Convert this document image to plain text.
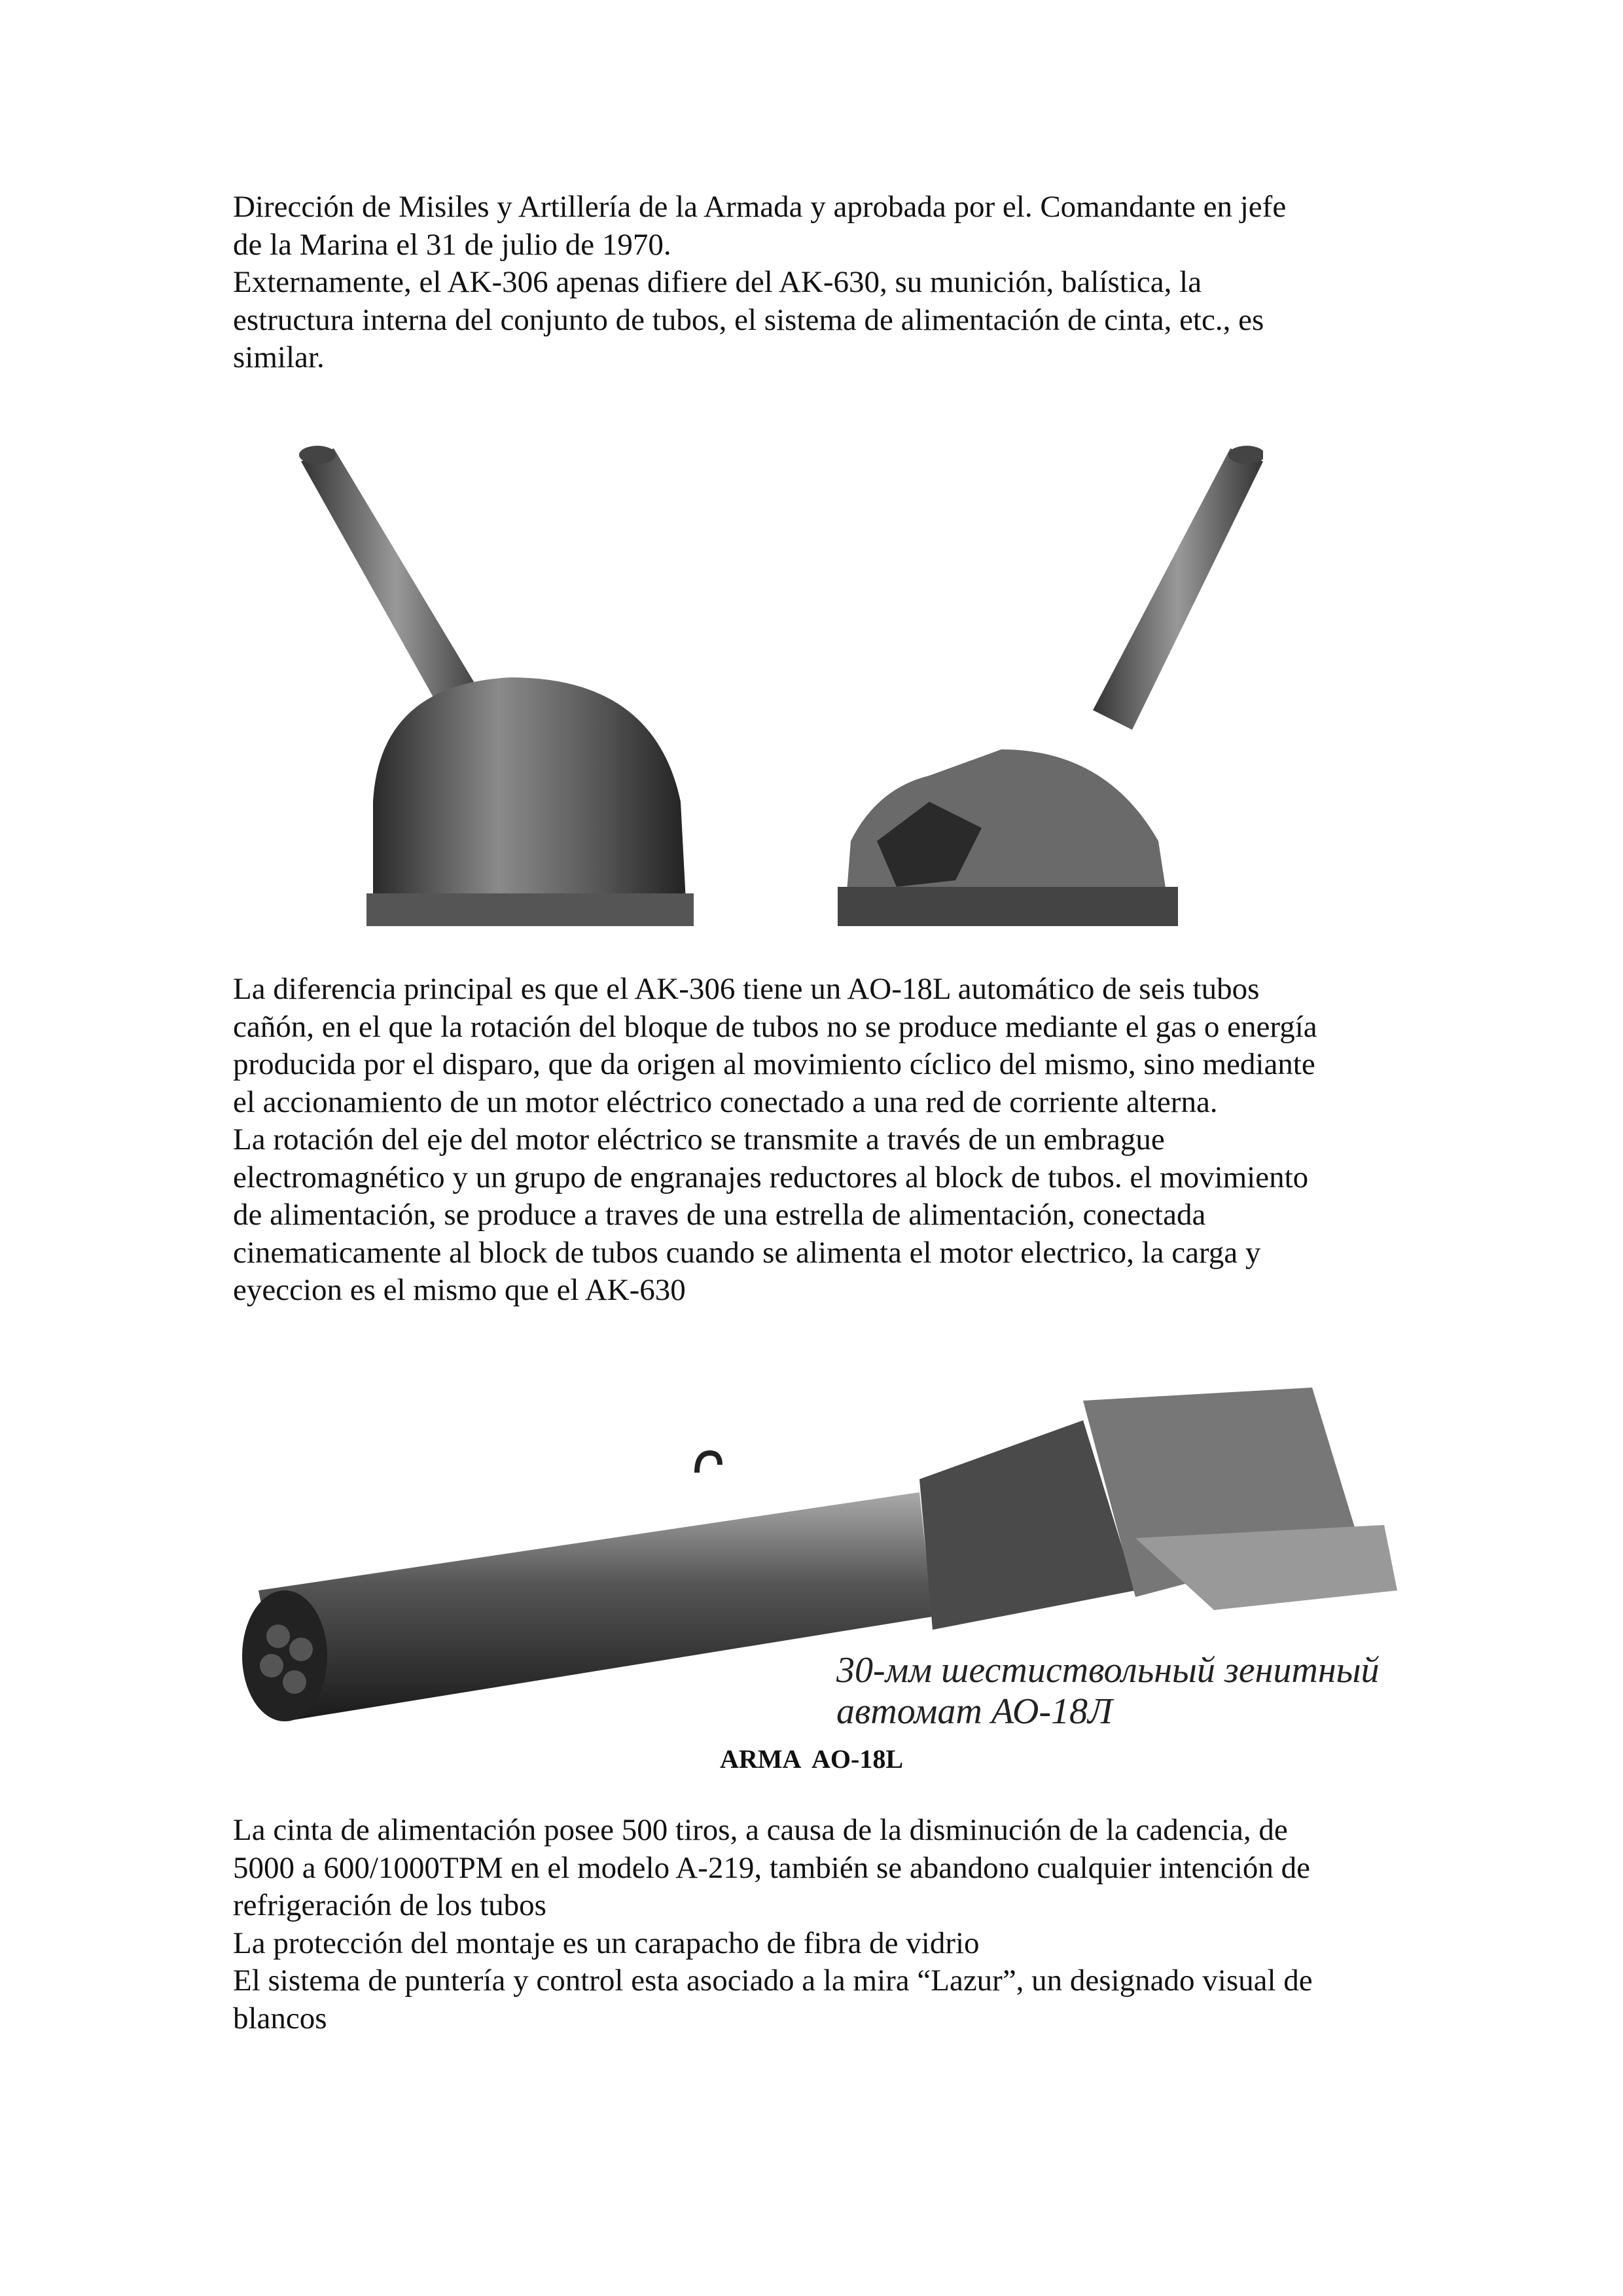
Dirección de Misiles y Artillería de la Armada y aprobada por el. Comandante en jefe
de la Marina el 31 de julio de 1970.
Externamente, el AK-306 apenas difiere del AK-630, su munición, balística, la
estructura interna del conjunto de tubos, el sistema de alimentación de cinta, etc., es
similar.
La diferencia principal es que el AK-306 tiene un AO-18L automático de seis tubos
cañón, en el que la rotación del bloque de tubos no se produce mediante el gas o energía
producida por el disparo, que da origen al movimiento cíclico del mismo, sino mediante
el accionamiento de un motor eléctrico conectado a una red de corriente alterna.
La rotación del eje del motor eléctrico se transmite a través de un embrague
electromagnético y un grupo de engranajes reductores al block de tubos. el movimiento
de alimentación, se produce a traves de una estrella de alimentación, conectada
cinematicamente al block de tubos cuando se alimenta el motor electrico, la carga y
eyeccion es el mismo que el AK-630
30-мм шестиствольный зенитный
автомат АО-18Л
ARMA  AO-18L
La cinta de alimentación posee 500 tiros, a causa de la disminución de la cadencia, de
5000 a 600/1000TPM en el modelo A-219, también se abandono cualquier intención de
refrigeración de los tubos
La protección del montaje es un carapacho de fibra de vidrio
El sistema de puntería y control esta asociado a la mira “Lazur”, un designado visual de
blancos
